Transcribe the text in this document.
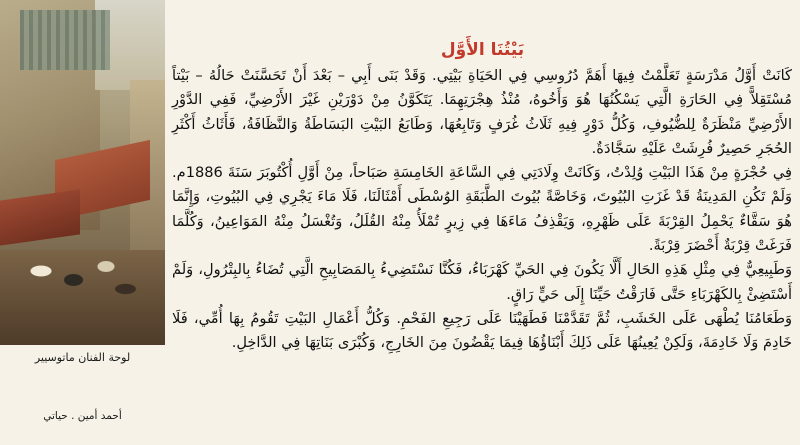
لوحة الفنان ماتوسيير
أحمد أمين . حياتي
بَيْتُنَا الأَوَّل

كَانَتْ أَوَّلُ مَدْرَسَةٍ تَعَلَّمْتُ فِيهَا أَهَمَّ دُرُوسِي فِي الحَيَاةِ بَيْتِي. وَقَدْ بَنَى أَبِي – بَعْدَ أَنْ تَحَسَّنَتْ حَالُهُ – بَيْتاً مُسْتَقِلاًّ فِي الحَارَةِ الَّتِي يَسْكُنُهَا هُوَ وَأَخُوهُ، مُنْذُ هِجْرَتِهِمَا. يَتَكَوَّنُ مِنْ دَوْرَيْنِ غَيْرَ الأَرْضِيِّ، فَفِي الدَّوْرِ الأَرْضِيِّ مَنْظَرَةٌ لِلضُّيُوفِ، وَكُلُّ دَوْرٍ فِيهِ ثَلَاثُ غُرَفٍ وَتَابِعُهَا، وَطَابَعُ البَيْتِ البَسَاطَةُ وَالنَّظَافَةُ، فَأَثَاثُ أَكْثَرِ الحُجَرِ حَصِيرٌ فُرِشَتْ عَلَيْهِ سَجَّادَةٌ.

فِي حُجْرَةٍ مِنْ هَذَا البَيْتِ وُلِدْتُ، وَكَانَتْ وِلَادَتِي فِي السَّاعَةِ الخَامِسَةِ صَبَاحاً، مِنْ أَوَّلِ أُكْتُوبَرَ سَنَةَ 1886م. وَلَمْ تَكُنِ المَدِينَةُ قَدْ غَزَتِ البُيُوتَ، وَخَاصَّةً بُيُوتَ الطَّبَقَةِ الوُسْطَى أَمْثَالَنَا، فَلَا مَاءَ يَجْرِي فِي البُيُوتِ، وَإِنَّمَا هُوَ سَقَّاءٌ يَحْمِلُ القِرْبَةَ عَلَى ظَهْرِهِ، وَيَقْذِفُ مَاءَهَا فِي زِيرٍ تُمْلَأُ مِنْهُ القُلَلُ، وَتُغْسَلُ مِنْهُ المَوَاعِينُ، وَكُلَّمَا فَرَغَتْ قِرْبَةٌ أَحْضَرَ قِرْبَةً.

وَطَبِيعِيٌّ فِي مِثْلِ هَذِهِ الحَالِ أَلَّا يَكُونَ فِي الحَيِّ كَهْرَبَاءُ، فَكُنَّا نَسْتَضِيءُ بِالمَصَابِيحِ الَّتِي تُضَاءُ بِالبِتْرُولِ، وَلَمْ أَسْتَضِئْ بِالكَهْرَبَاءِ حَتَّى فَارَقْتُ حَيِّنَا إِلَى حَيٍّ رَاقٍ.

وَطَعَامُنَا يُطْهَى عَلَى الخَشَبِ، ثُمَّ تَقَدَّمْنَا فَطَهَيْنَا عَلَى رَجِيعِ الفَحْمِ. وَكُلُّ أَعْمَالِ البَيْتِ تَقُومُ بِهَا أُمِّي، فَلَا خَادِمَ وَلَا خَادِمَةَ، وَلَكِنْ يُعِينُهَا عَلَى ذَلِكَ أَبْنَاؤُهَا فِيمَا يَقْضُونَ مِنَ الخَارِجِ، وَكُبْرَى بَنَاتِهَا فِي الدَّاخِلِ.
